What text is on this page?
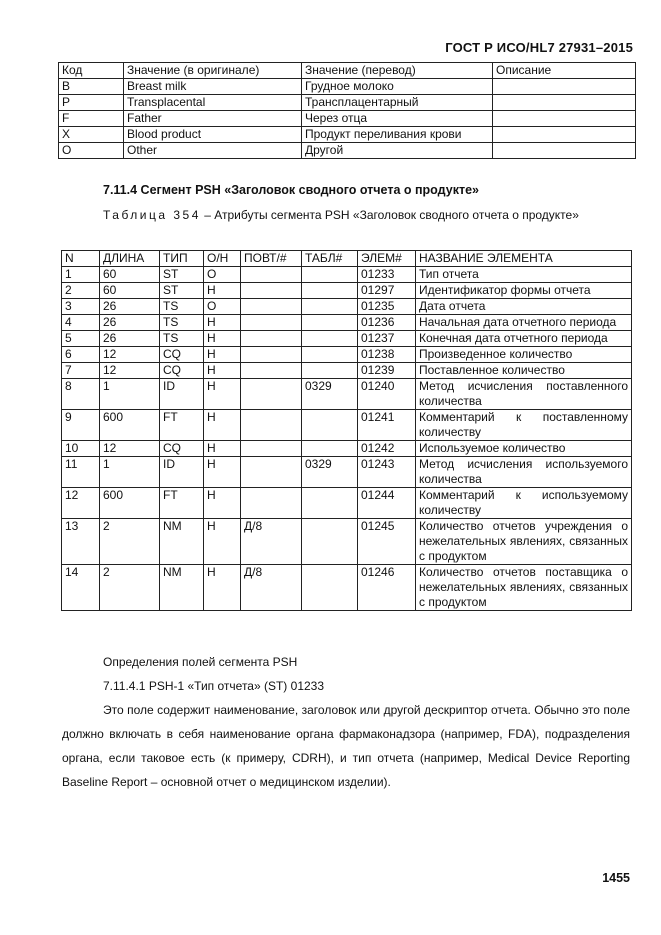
ГОСТ Р ИСО/HL7 27931–2015
Код	Значение (в оригинале)	Значение (перевод)	Описание
B	Breast milk	Грудное молоко	
P	Transplacental	Трансплацентарный	
F	Father	Через отца	
X	Blood product	Продукт переливания крови	
O	Other	Другой	
7.11.4 Сегмент PSH «Заголовок сводного отчета о продукте»
Таблица 354 – Атрибуты сегмента PSH «Заголовок сводного отчета о продукте»
N	ДЛИНА	ТИП	О/Н	ПОВТ/#	ТАБЛ#	ЭЛЕМ#	НАЗВАНИЕ ЭЛЕМЕНТА
1	60	ST	O			01233	Тип отчета
2	60	ST	Н			01297	Идентификатор формы отчета
3	26	TS	O			01235	Дата отчета
4	26	TS	Н			01236	Начальная дата отчетного периода
5	26	TS	Н			01237	Конечная дата отчетного периода
6	12	CQ	Н			01238	Произведенное количество
7	12	CQ	Н			01239	Поставленное количество
8	1	ID	Н		0329	01240	Метод исчисления поставленного количества
9	600	FT	Н			01241	Комментарий к поставленному количеству
10	12	CQ	Н			01242	Используемое количество
11	1	ID	Н		0329	01243	Метод исчисления используемого количества
12	600	FT	Н			01244	Комментарий к используемому количеству
13	2	NM	Н	Д/8		01245	Количество отчетов учреждения о нежелательных явлениях, связанных с продуктом
14	2	NM	Н	Д/8		01246	Количество отчетов поставщика о нежелательных явлениях, связанных с продуктом
Определения полей сегмента PSH
7.11.4.1 PSH-1 «Тип отчета» (ST) 01233
Это поле содержит наименование, заголовок или другой дескриптор отчета. Обычно это поле должно включать в себя наименование органа фармаконадзора (например, FDA), подразделения органа, если таковое есть (к примеру, CDRH), и тип отчета (например, Medical Device Reporting Baseline Report – основной отчет о медицинском изделии).
1455
